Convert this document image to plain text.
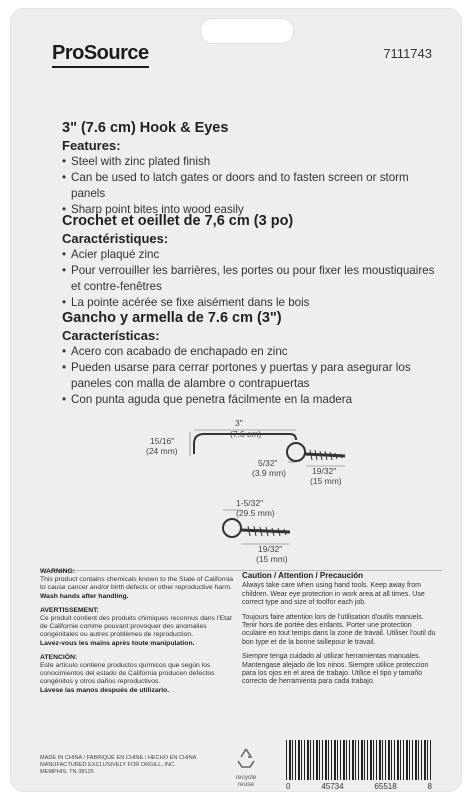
ProSource	7111743
3" (7.6 cm) Hook & Eyes
Features:
• Steel with zinc plated finish
• Can be used to latch gates or doors and to fasten screen or storm panels
• Sharp point bites into wood easily
Crochet et oeillet de 7,6 cm (3 po)
Caractéristiques:
• Acier plaqué zinc
• Pour verrouiller les barrières, les portes ou pour fixer les moustiquaires et contre-fenêtres
• La pointe acérée se fixe aisément dans le bois
Gancho y armella de 7.6 cm (3")
Características:
• Acero con acabado de enchapado en zinc
• Pueden usarse para cerrar portones y puertas y para asegurar los paneles con malla de alambre o contrapuertas
• Con punta aguda que penetra fácilmente en la madera
3"
(7.6 cm)
15/16"
(24 mm)
5/32"
(3.9 mm)	19/32"
(15 mm)
1-5/32"
(29.5 mm)
19/32"
(15 mm)

WARNING:
This product contains chemicals known to the State of California to cause cancer and/or birth defects or other reproductive harm.
Wash hands after handling.

AVERTISSEMENT:
Ce produit contient des produits chimiques reconnus dans l'Etat de Californie comme pouvant provoquer des anomalies congénitales ou autres problèmes de reproduction.
Lavez-vous les mains après toute manipulation.

ATENCIÓN:
Este artículo contiene productos químicos que según los conocimientos del estado de California producen defectos congénitos y otros daños reproductivos.
Lávese las manos después de utilizarlo.

Caution / Attention / Precaución

Always take care when using hand tools. Keep away from children. Wear eye protection in work area at all times. Use correct type and size of toolfor each job.

Toujours faire attention lors de l'utilisation d'outils manuels. Tenir hors de portée des enfants. Porter une protection oculaire en tout temps dans la zone de travail. Utiliser l'outil du bon type et de la bonne taillepour le travail.

Siempre tenga cuidado al utilizar herramientas manuales. Mantengase alejado de los ninos. Siempre utilice proteccion para los ojos en el area de trabajo. Utilice el tipo y tamaño correcto de herramienta para cada trabajo.

MADE IN CHINA / FABRIQUÉ EN CHINE / HECHO EN CHINA
MANUFACTURED EXCLUSIVELY FOR ORGILL, INC.
MEMPHIS, TN 38125
recycle
reuse	0	45734	65518	8
